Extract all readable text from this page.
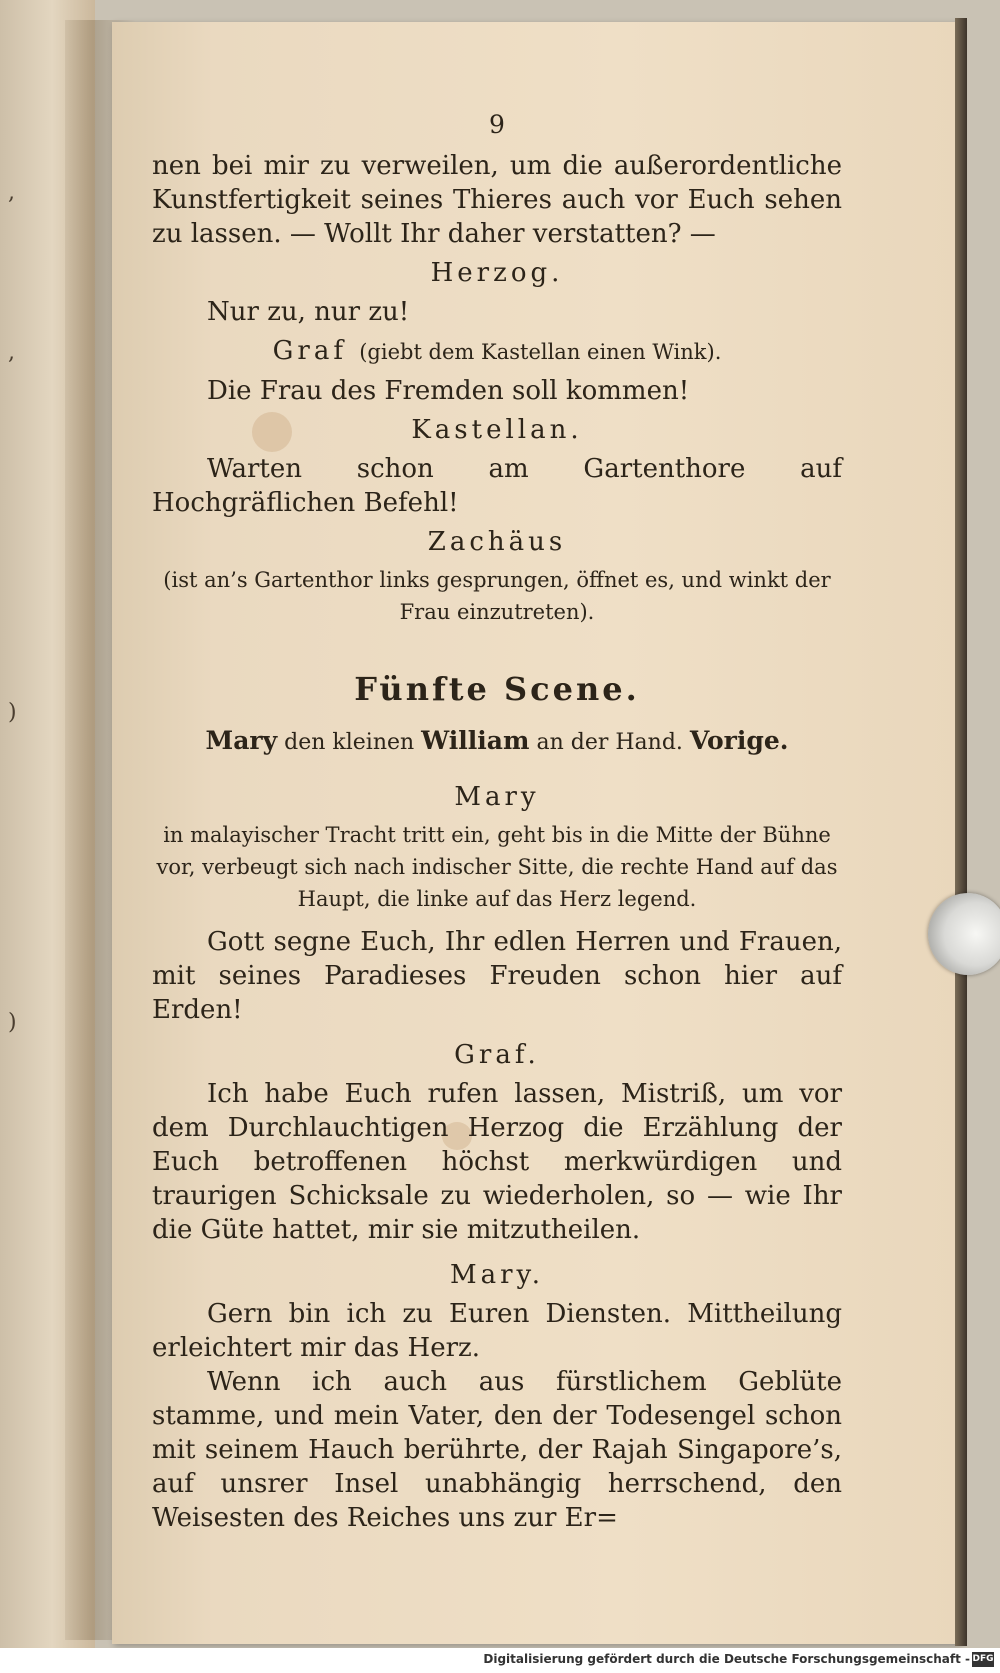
,
,
)
)
9

nen bei mir zu verweilen, um die außerordentliche Kunstfertigkeit seines Thieres auch vor Euch sehen zu lassen. — Wollt Ihr daher verstatten? —

Herzog.

Nur zu, nur zu!

Graf (giebt dem Kastellan einen Wink).

Die Frau des Fremden soll kommen!

Kastellan.

Warten schon am Gartenthore auf Hochgräflichen Befehl!

Zachäus
(ist an’s Gartenthor links gesprungen, öffnet es, und winkt der Frau einzutreten).
Fünfte Scene.
Mary den kleinen William an der Hand. Vorige.
Mary
in malayischer Tracht tritt ein, geht bis in die Mitte der Bühne vor, verbeugt sich nach indischer Sitte, die rechte Hand auf das Haupt, die linke auf das Herz legend.

Gott segne Euch, Ihr edlen Herren und Frauen, mit seines Paradieses Freuden schon hier auf Erden!

Graf.

Ich habe Euch rufen lassen, Mistriß, um vor dem Durchlauchtigen Herzog die Erzählung der Euch betroffenen höchst merkwürdigen und traurigen Schicksale zu wiederholen, so — wie Ihr die Güte hattet, mir sie mitzutheilen.

Mary.

Gern bin ich zu Euren Diensten. Mittheilung erleichtert mir das Herz.

Wenn ich auch aus fürstlichem Geblüte stamme, und mein Vater, den der Todesengel schon mit seinem Hauch berührte, der Rajah Singapore’s, auf unsrer Insel unabhängig herrschend, den Weisesten des Reiches uns zur Er=

Digitalisierung gefördert durch die Deutsche Forschungsgemeinschaft - DFG
